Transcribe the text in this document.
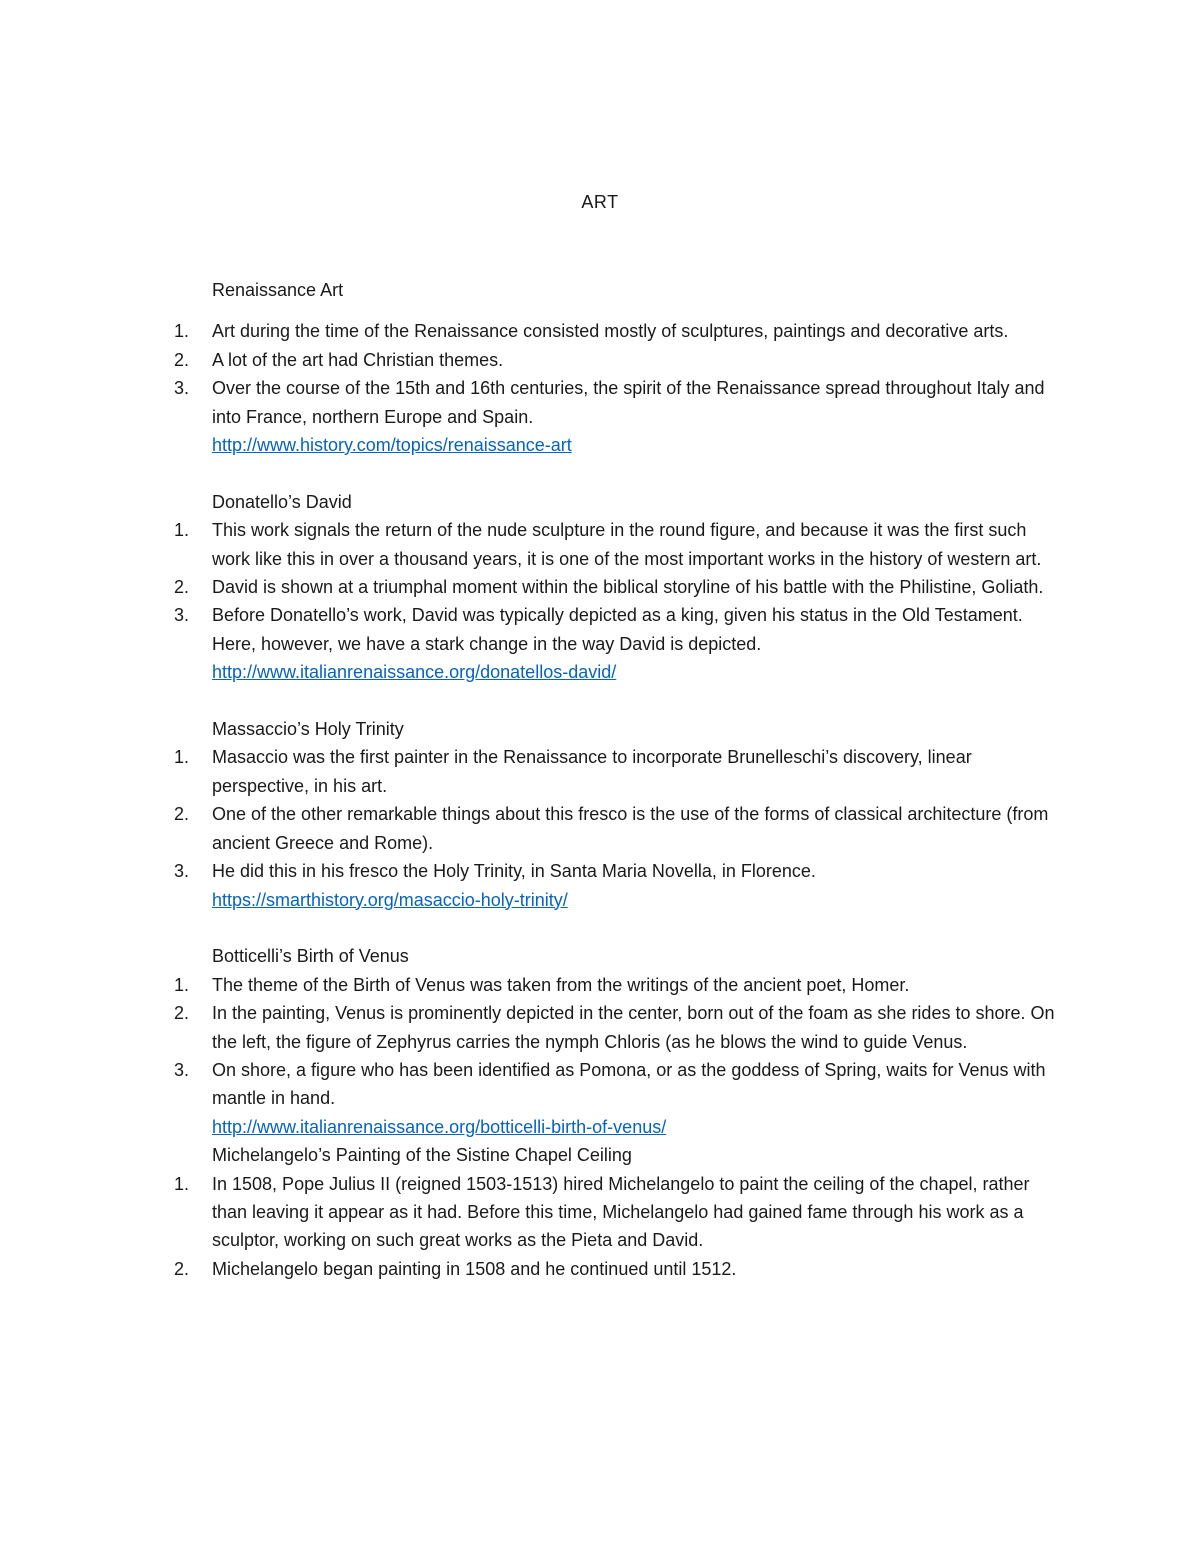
ART
Renaissance Art
1.	Art during the time of the Renaissance consisted mostly of sculptures, paintings and decorative arts.
2.	A lot of the art had Christian themes.
3.	Over the course of the 15th and 16th centuries, the spirit of the Renaissance spread throughout Italy and into France, northern Europe and Spain.
http://www.history.com/topics/renaissance-art
Donatello’s David
1.	This work signals the return of the nude sculpture in the round figure, and because it was the first such work like this in over a thousand years, it is one of the most important works in the history of western art.
2.	David is shown at a triumphal moment within the biblical storyline of his battle with the Philistine, Goliath.
3.	Before Donatello’s work, David was typically depicted as a king, given his status in the Old Testament. Here, however, we have a stark change in the way David is depicted.
http://www.italianrenaissance.org/donatellos-david/
Massaccio’s Holy Trinity
1.	Masaccio was the first painter in the Renaissance to incorporate Brunelleschi’s discovery, linear perspective, in his art.
2.	One of the other remarkable things about this fresco is the use of the forms of classical architecture (from ancient Greece and Rome).
3.	He did this in his fresco the Holy Trinity, in Santa Maria Novella, in Florence.
https://smarthistory.org/masaccio-holy-trinity/
Botticelli’s Birth of Venus
1.	The theme of the Birth of Venus was taken from the writings of the ancient poet, Homer.
2.	In the painting, Venus is prominently depicted in the center, born out of the foam as she rides to shore. On the left, the figure of Zephyrus carries the nymph Chloris (as he blows the wind to guide Venus.
3.	On shore, a figure who has been identified as Pomona, or as the goddess of Spring, waits for Venus with mantle in hand.
http://www.italianrenaissance.org/botticelli-birth-of-venus/
Michelangelo’s Painting of the Sistine Chapel Ceiling
1.	In 1508, Pope Julius II (reigned 1503-1513) hired Michelangelo to paint the ceiling of the chapel, rather than leaving it appear as it had. Before this time, Michelangelo had gained fame through his work as a sculptor, working on such great works as the Pieta and David.
2.	Michelangelo began painting in 1508 and he continued until 1512.
